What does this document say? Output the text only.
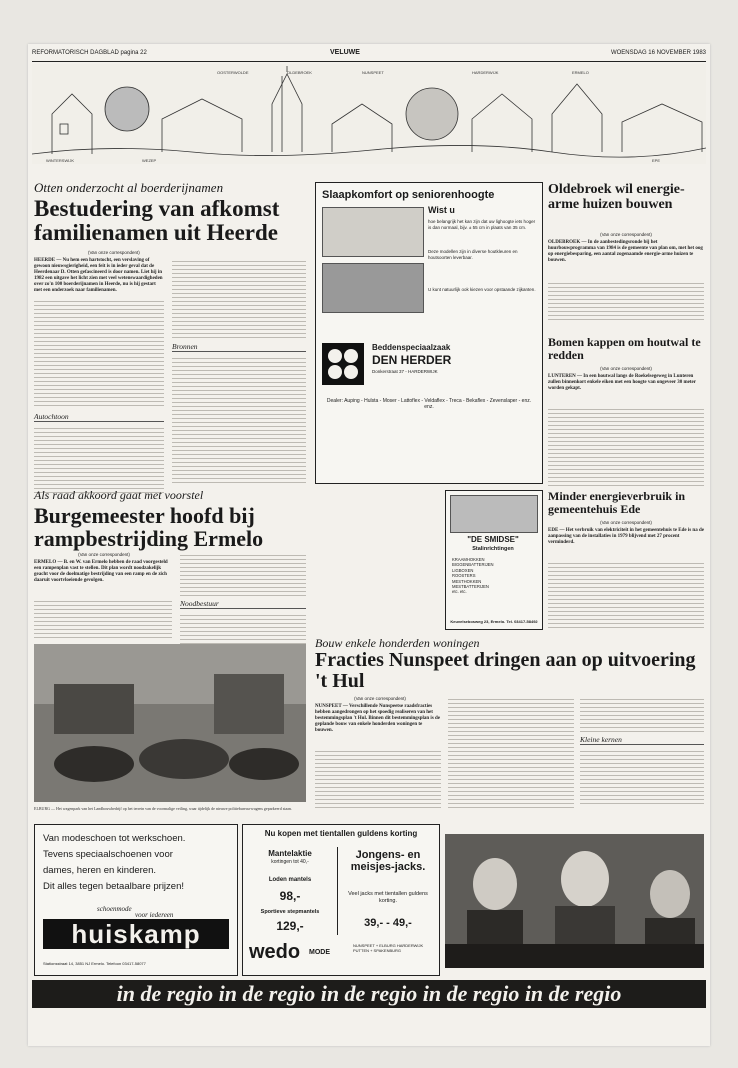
REFORMATORISCH DAGBLAD pagina 22	VELUWE	WOENSDAG 16 NOVEMBER 1983
WINTERSWIJK	WEZEP
OOSTERWOLDE	OLDEBROEK	NUNSPEET	HARDERWIJK	ERMELO
EPE
Otten onderzocht al boerderijnamen
Bestudering van afkomst familienamen uit Heerde
(Van onze correspondent)
HEERDE — Nu hem een hartstocht, een verslaving of gewoon nieuwsgierigheid, een feit is in ieder geval dat de Heerdenaar D. Otten gefascineerd is door namen. Liet hij in 1982 een uitgave het licht zien met veel wetenswaardigheden over zo'n 100 boerderijnamen in Heerde, nu is hij gestart met een onderzoek naar familienamen.
Autochtoon
Bronnen
Slaapkomfort op seniorenhoogte
Wist u
hoe belangrijk het kan zijn dat uw lighoogte iets hoger is dan normaal, bijv. ± 55 cm in plaats van 35 cm.
Deze modellen zijn in diverse houtkleuren en houtsoorten leverbaar.
U kunt natuurlijk ook kiezen voor opstaande zijkanten.
Beddenspeciaalzaak
DEN HERDER
Donkerstraat 37 - HARDERWIJK
Dealer: Auping - Hulsta - Moser - Lattoflex - Veldaflex - Treca - Bekaflex - Zevenslaper - enz. enz.
Als raad akkoord gaat met voorstel
Burgemeester hoofd bij rampbestrijding Ermelo
(Van onze correspondent)
ERMELO — B. en W. van Ermelo hebben de raad voorgesteld een rampenplan vast te stellen. Dit plan wordt noodzakelijk geacht voor de doelmatige bestrijding van een ramp en de zich daaruit voortvloeiende gevolgen.
Noodbestuur
ELBURG — Het wagenpark van het Landbouwbedrijf op het terrein van de voormalige veiling, waar tijdelijk de nieuwe politiebureau-wagens geparkeerd staan.
Oldebroek wil energie-arme huizen bouwen
(Van onze correspondent)
OLDEBROEK — In de aanbestedingsronde bij het huurbouwprogramma van 1984 is de gemeente van plan om, met het oog op energiebesparing, een aantal zogenaamde energie-arme huizen te bouwen.
Bomen kappen om houtwal te redden
(Van onze correspondent)
LUNTEREN — In een houtwal langs de Roekelsegeweg in Lunteren zullen binnenkort enkele eiken met een hoogte van ongeveer 30 meter worden gekapt.
Minder energieverbruik in gemeentehuis Ede
(Van onze correspondent)
EDE — Het verbruik van elektriciteit in het gemeentehuis te Ede is na de aanpassing van de installaties in 1979 blijvend met 27 procent verminderd.
"DE SMIDSE"
Stalinrichtingen
KRAAMHOKKEN
BIGGENBATTERIJEN
LIGBOXEN
ROOSTERS
MESTHOKKEN
MESTBATTERIJEN
etc. etc.
Keuvelsebosweg 23, Ermelo. Tel. 03417-58492
Bouw enkele honderden woningen
Fracties Nunspeet dringen aan op uitvoering 't Hul
(Van onze correspondent)
NUNSPEET — Verschillende Nunspeetse raadsfracties hebben aangedrongen op het spoedig realiseren van het bestemmingsplan 't Hul. Binnen dit bestemmingsplan is de geplande bouw van enkele honderden woningen te bouwen.
Kleine kernen
Van modeschoen tot werkschoen.
Tevens speciaalschoenen voor
dames, heren en kinderen.
Dit alles tegen betaalbare prijzen!
schoenmode
voor iedereen
huiskamp
Stationsstraat 14, 3851 NJ Ermelo. Telefoon 03417-58077
Nu kopen met tientallen guldens korting
Mantelaktie
kortingen tot 40,-
Loden mantels
98,-
Sportieve stepmantels
129,-
Jongens- en meisjes-jacks.
Veel jacks met tientallen guldens korting.
39,- - 49,-
wedo MODE
NUNSPEET + ELBURG HARDERWIJK PUTTEN + SPAKENBURG
in de regio in de regio in de regio in de regio in de regio
